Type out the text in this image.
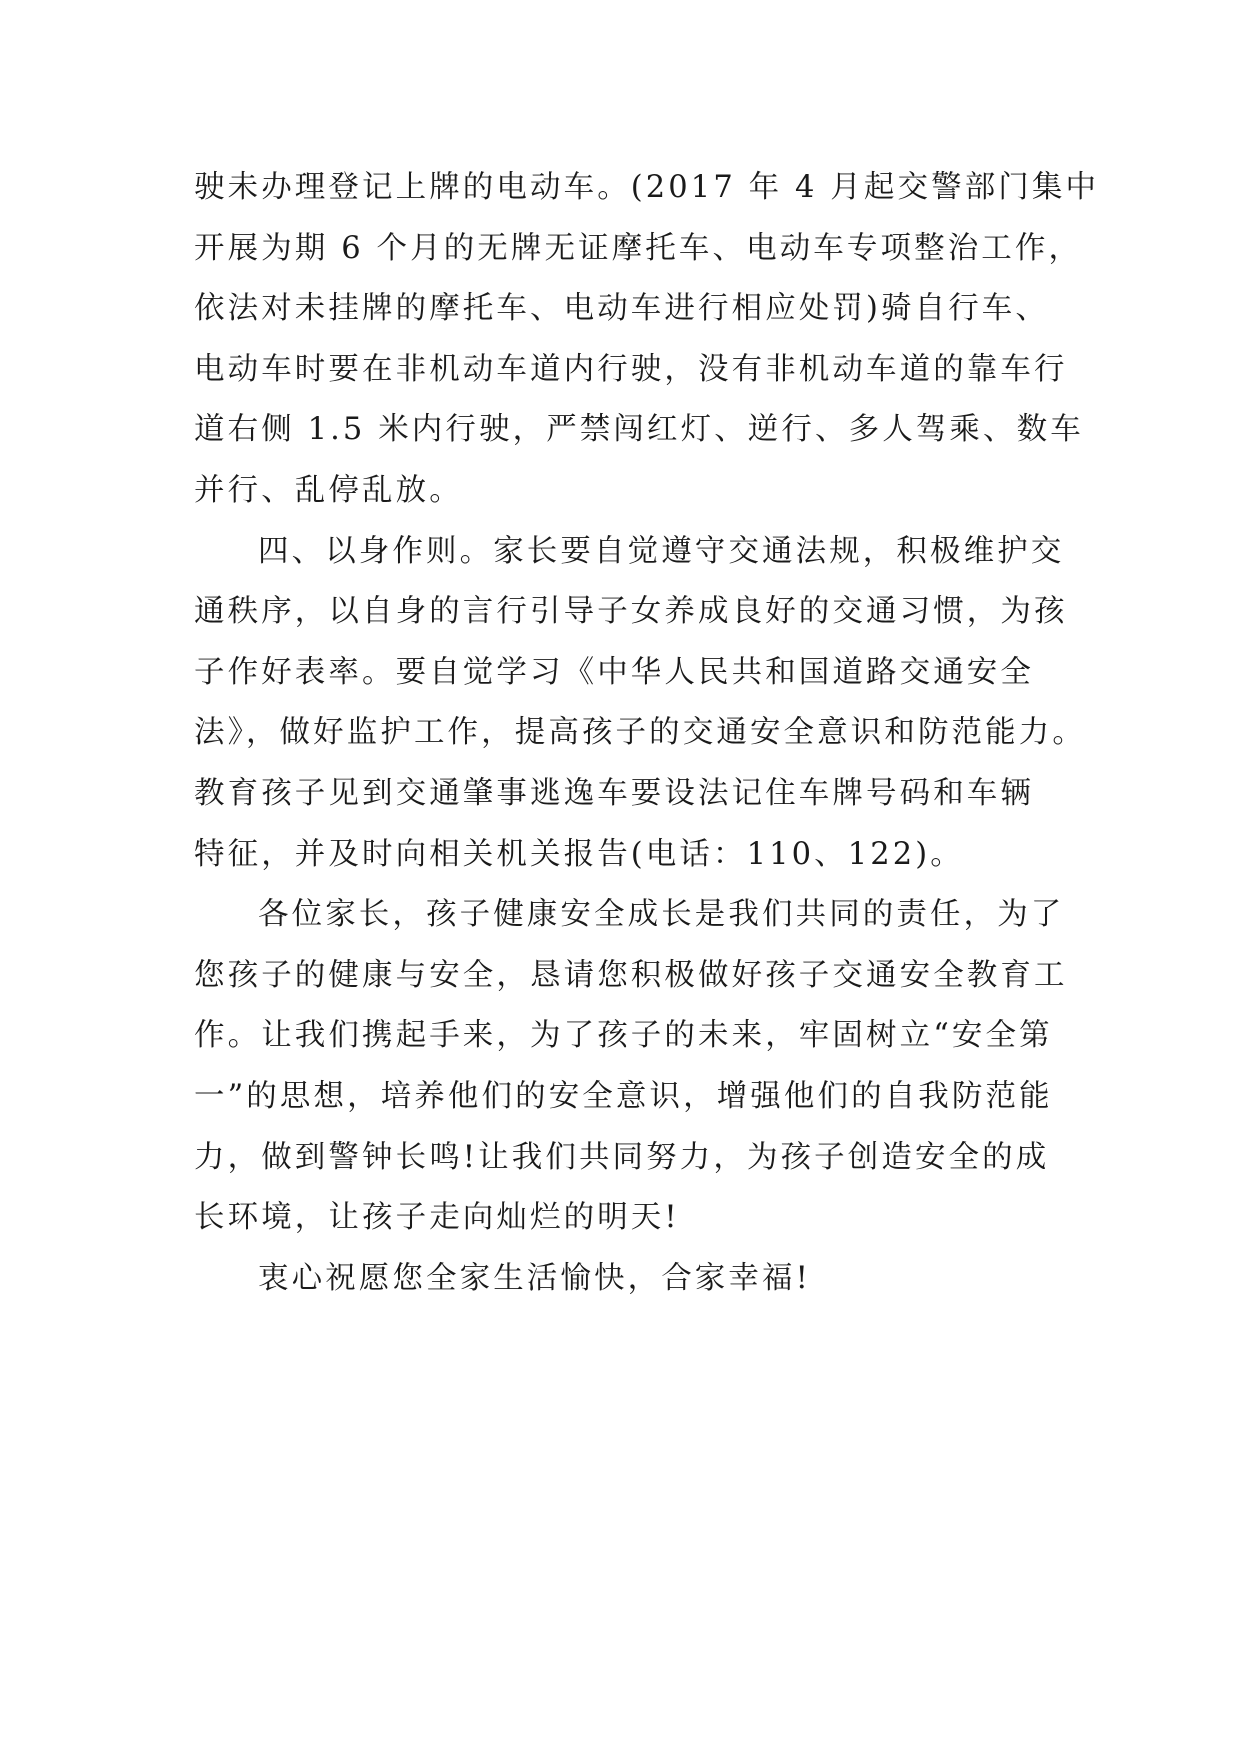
驶未办理登记上牌的电动车。(2017 年 4 月起交警部门集中
开展为期 6 个月的无牌无证摩托车、电动车专项整治工作，
依法对未挂牌的摩托车、电动车进行相应处罚)骑自行车、
电动车时要在非机动车道内行驶，没有非机动车道的靠车行
道右侧 1.5 米内行驶，严禁闯红灯、逆行、多人驾乘、数车
并行、乱停乱放。
四、以身作则。家长要自觉遵守交通法规，积极维护交
通秩序，以自身的言行引导子女养成良好的交通习惯，为孩
子作好表率。要自觉学习《中华人民共和国道路交通安全
法》，做好监护工作，提高孩子的交通安全意识和防范能力。
教育孩子见到交通肇事逃逸车要设法记住车牌号码和车辆
特征，并及时向相关机关报告(电话：110、122)。
各位家长，孩子健康安全成长是我们共同的责任，为了
您孩子的健康与安全，恳请您积极做好孩子交通安全教育工
作。让我们携起手来，为了孩子的未来，牢固树立“安全第
一”的思想，培养他们的安全意识，增强他们的自我防范能
力，做到警钟长鸣!让我们共同努力，为孩子创造安全的成
长环境，让孩子走向灿烂的明天!
衷心祝愿您全家生活愉快，合家幸福!
